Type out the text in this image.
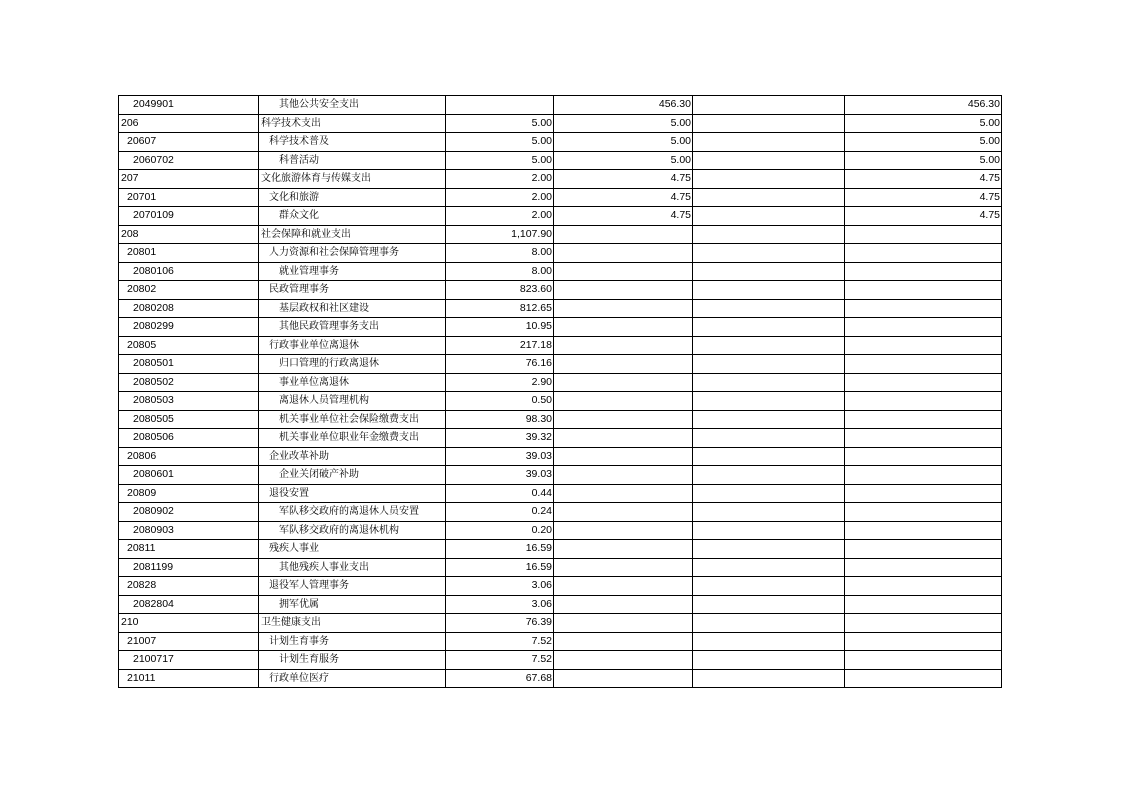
2049901	其他公共安全支出		456.30		456.30
206	科学技术支出	5.00	5.00		5.00
20607	科学技术普及	5.00	5.00		5.00
2060702	科普活动	5.00	5.00		5.00
207	文化旅游体育与传媒支出	2.00	4.75		4.75
20701	文化和旅游	2.00	4.75		4.75
2070109	群众文化	2.00	4.75		4.75
208	社会保障和就业支出	1,107.90			
20801	人力资源和社会保障管理事务	8.00			
2080106	就业管理事务	8.00			
20802	民政管理事务	823.60			
2080208	基层政权和社区建设	812.65			
2080299	其他民政管理事务支出	10.95			
20805	行政事业单位离退休	217.18			
2080501	归口管理的行政离退休	76.16			
2080502	事业单位离退休	2.90			
2080503	离退休人员管理机构	0.50			
2080505	机关事业单位社会保险缴费支出	98.30			
2080506	机关事业单位职业年金缴费支出	39.32			
20806	企业改革补助	39.03			
2080601	企业关闭破产补助	39.03			
20809	退役安置	0.44			
2080902	军队移交政府的离退休人员安置	0.24			
2080903	军队移交政府的离退休机构	0.20			
20811	残疾人事业	16.59			
2081199	其他残疾人事业支出	16.59			
20828	退役军人管理事务	3.06			
2082804	拥军优属	3.06			
210	卫生健康支出	76.39			
21007	计划生育事务	7.52			
2100717	计划生育服务	7.52			
21011	行政单位医疗	67.68			
